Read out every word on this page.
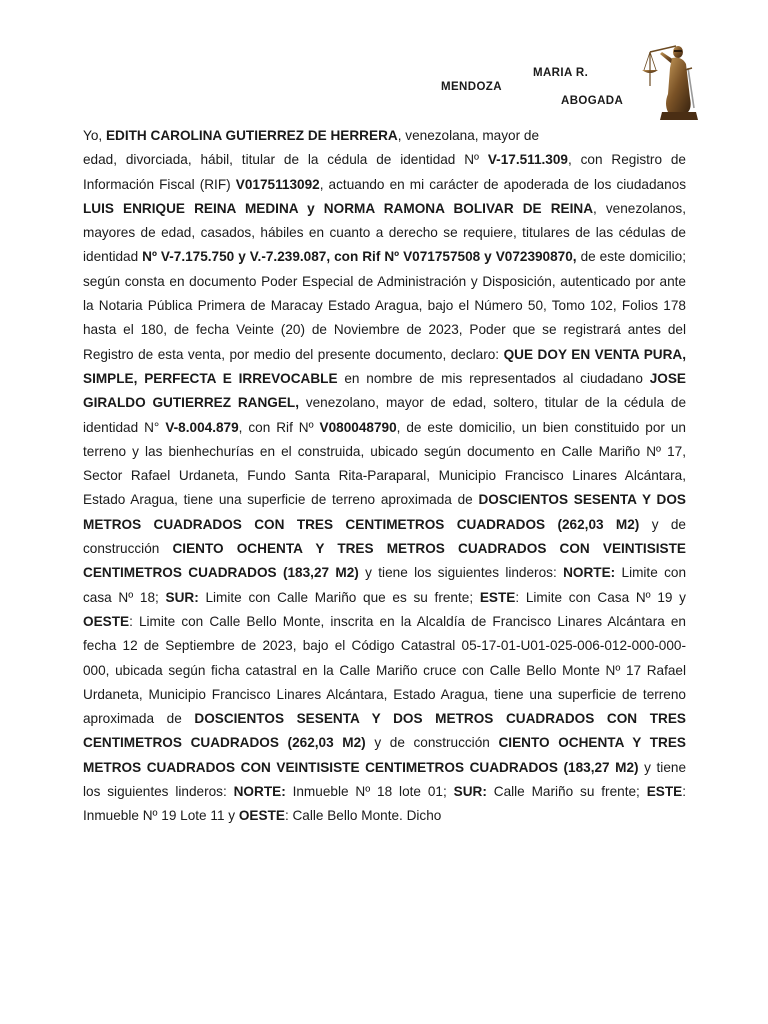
MARIA R.
MENDOZA
ABOGADA

Yo, EDITH CAROLINA GUTIERREZ DE HERRERA, venezolana, mayor de
edad, divorciada, hábil, titular de la cédula de identidad Nº V-17.511.309, con Registro de Información Fiscal (RIF) V0175113092, actuando en mi carácter de apoderada de los ciudadanos LUIS ENRIQUE REINA MEDINA y NORMA RAMONA BOLIVAR DE REINA, venezolanos, mayores de edad, casados, hábiles en cuanto a derecho se requiere, titulares de las cédulas de identidad Nº V-7.175.750 y V.-7.239.087, con Rif Nº V071757508 y V072390870, de este domicilio; según consta en documento Poder Especial de Administración y Disposición, autenticado por ante la Notaria Pública Primera de Maracay Estado Aragua, bajo el Número 50, Tomo 102, Folios 178 hasta el 180, de fecha Veinte (20) de Noviembre de 2023, Poder que se registrará antes del Registro de esta venta, por medio del presente documento, declaro: QUE DOY EN VENTA PURA, SIMPLE, PERFECTA E IRREVOCABLE en nombre de mis representados al ciudadano JOSE GIRALDO GUTIERREZ RANGEL, venezolano, mayor de edad, soltero, titular de la cédula de identidad N° V-8.004.879, con Rif Nº V080048790, de este domicilio, un bien constituido por un terreno y las bienhechurías en el construida, ubicado según documento en Calle Mariño Nº 17, Sector Rafael Urdaneta, Fundo Santa Rita-Paraparal, Municipio Francisco Linares Alcántara, Estado Aragua, tiene una superficie de terreno aproximada de DOSCIENTOS SESENTA Y DOS METROS CUADRADOS CON TRES CENTIMETROS CUADRADOS (262,03 M2) y de construcción CIENTO OCHENTA Y TRES METROS CUADRADOS CON VEINTISISTE CENTIMETROS CUADRADOS (183,27 M2) y tiene los siguientes linderos: NORTE: Limite con casa Nº 18; SUR: Limite con Calle Mariño que es su frente; ESTE: Limite con Casa Nº 19 y OESTE: Limite con Calle Bello Monte, inscrita en la Alcaldía de Francisco Linares Alcántara en fecha 12 de Septiembre de 2023, bajo el Código Catastral 05-17-01-U01-025-006-012-000-000-000, ubicada según ficha catastral en la Calle Mariño cruce con Calle Bello Monte Nº 17 Rafael Urdaneta, Municipio Francisco Linares Alcántara, Estado Aragua, tiene una superficie de terreno aproximada de DOSCIENTOS SESENTA Y DOS METROS CUADRADOS CON TRES CENTIMETROS CUADRADOS (262,03 M2) y de construcción CIENTO OCHENTA Y TRES METROS CUADRADOS CON VEINTISISTE CENTIMETROS CUADRADOS (183,27 M2) y tiene los siguientes linderos: NORTE: Inmueble Nº 18 lote 01; SUR: Calle Mariño su frente; ESTE: Inmueble Nº 19 Lote 11 y OESTE: Calle Bello Monte. Dicho
